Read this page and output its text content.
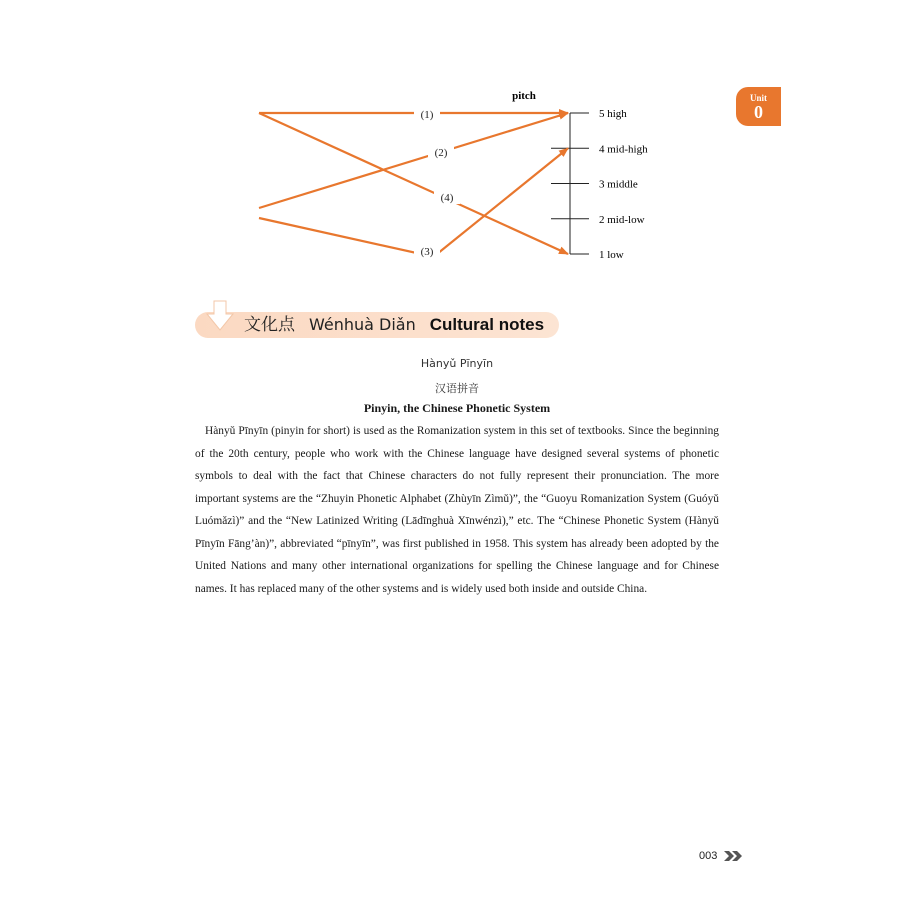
Unit
0
pitch
5 high
4 mid-high
3 middle
2 mid-low
1 low
(1)
(2)
(3)
(4)
文化点 Wénhuà Diǎn Cultural notes
Hànyǔ Pīnyīn
汉语拼音
Pinyin, the Chinese Phonetic System
Hànyǔ Pīnyīn (pinyin for short) is used as the Romanization system in this set of textbooks. Since the beginning of the 20th century, people who work with the Chinese language have designed several systems of phonetic symbols to deal with the fact that Chinese characters do not fully represent their pronunciation. The more important systems are the “Zhuyin Phonetic Alphabet (Zhùyīn Zìmǔ)”, the “Guoyu Romanization System (Guóyǔ Luómǎzì)” and the “New Latinized Writing (Lādīnghuà Xīnwénzì),” etc. The “Chinese Phonetic System (Hànyǔ Pīnyīn Fāng’àn)”, abbreviated “pīnyīn”, was first published in 1958. This system has already been adopted by the United Nations and many other international organizations for spelling the Chinese language and for Chinese names. It has replaced many of the other systems and is widely used both inside and outside China.
003
